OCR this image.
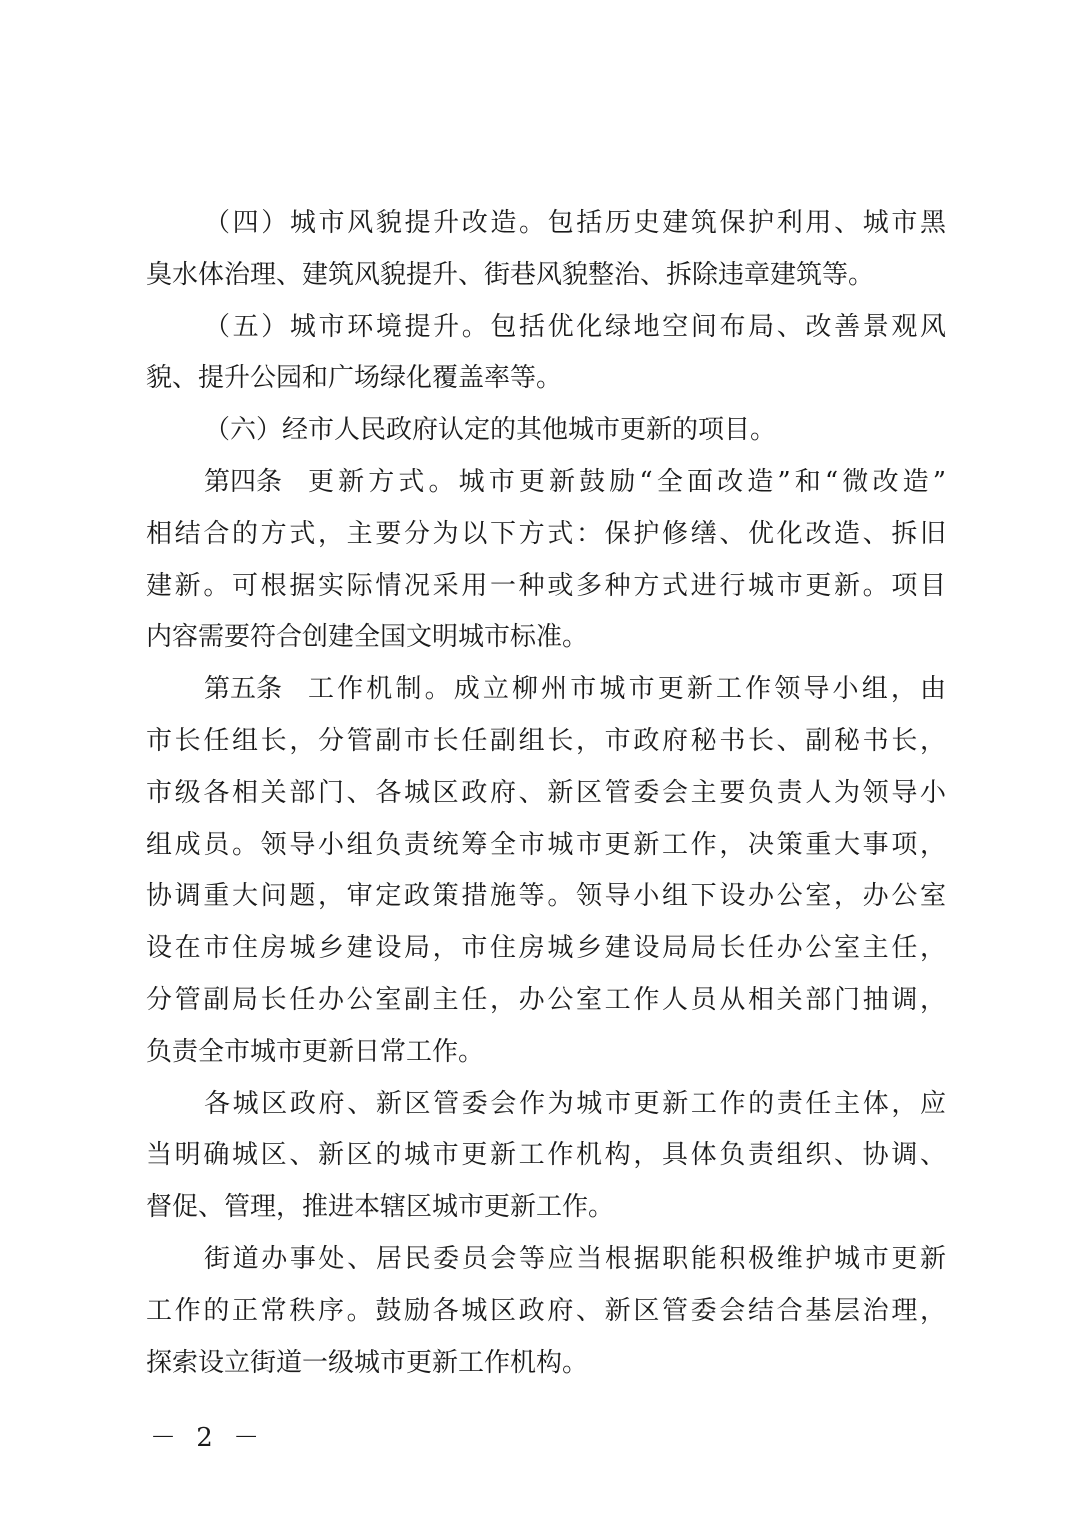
（四）城市风貌提升改造。包括历史建筑保护利用、城市黑
臭水体治理、建筑风貌提升、街巷风貌整治、拆除违章建筑等。
（五）城市环境提升。包括优化绿地空间布局、改善景观风
貌、提升公园和广场绿化覆盖率等。
（六）经市人民政府认定的其他城市更新的项目。
第四条 更新方式。城市更新鼓励“全面改造”和“微改造”
相结合的方式，主要分为以下方式：保护修缮、优化改造、拆旧
建新。可根据实际情况采用一种或多种方式进行城市更新。项目
内容需要符合创建全国文明城市标准。
第五条 工作机制。成立柳州市城市更新工作领导小组，由
市长任组长，分管副市长任副组长，市政府秘书长、副秘书长，
市级各相关部门、各城区政府、新区管委会主要负责人为领导小
组成员。领导小组负责统筹全市城市更新工作，决策重大事项，
协调重大问题，审定政策措施等。领导小组下设办公室，办公室
设在市住房城乡建设局，市住房城乡建设局局长任办公室主任，
分管副局长任办公室副主任，办公室工作人员从相关部门抽调，
负责全市城市更新日常工作。
各城区政府、新区管委会作为城市更新工作的责任主体，应
当明确城区、新区的城市更新工作机构，具体负责组织、协调、
督促、管理，推进本辖区城市更新工作。
街道办事处、居民委员会等应当根据职能积极维护城市更新
工作的正常秩序。鼓励各城区政府、新区管委会结合基层治理，
探索设立街道一级城市更新工作机构。
－ 2 －
